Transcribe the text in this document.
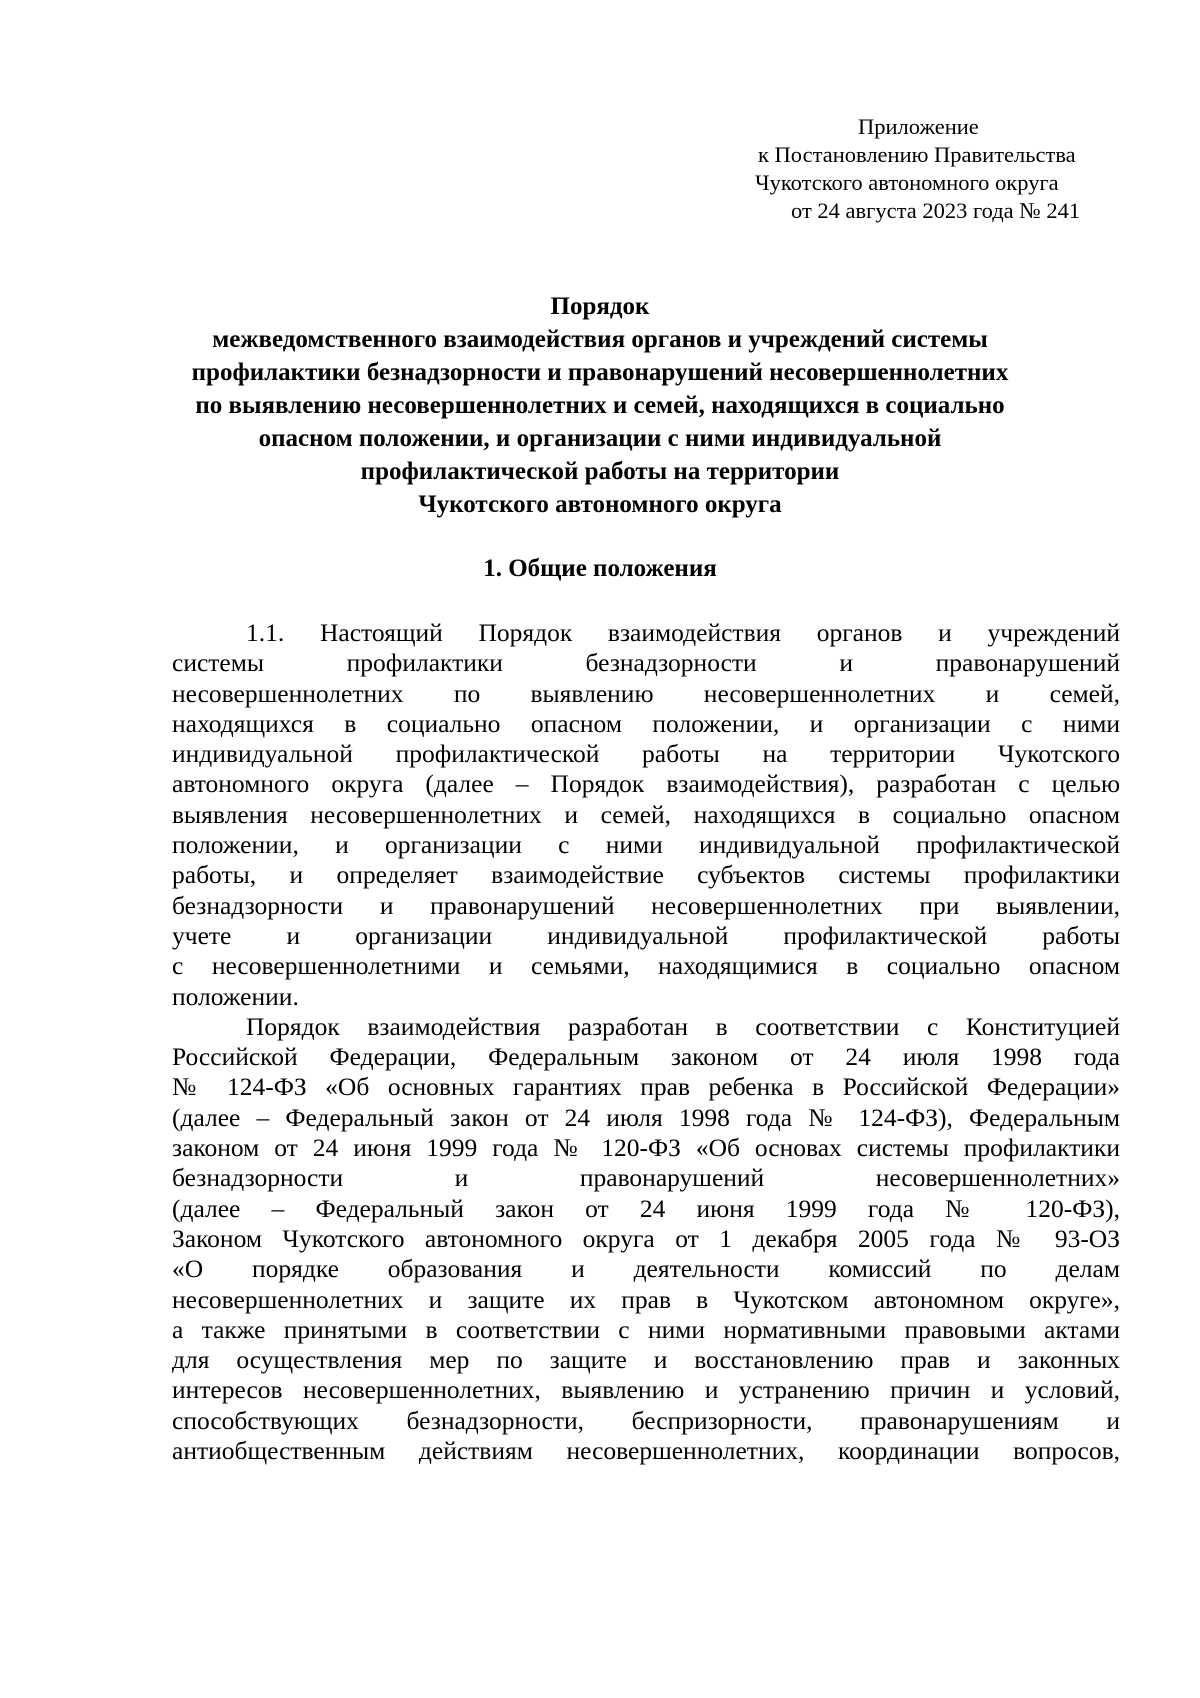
Приложение
к Постановлению Правительства
Чукотского автономного округа
от 24 августа 2023 года № 241
Порядок
межведомственного взаимодействия органов и учреждений системы
профилактики безнадзорности и правонарушений несовершеннолетних
по выявлению несовершеннолетних и семей, находящихся в социально
опасном положении, и организации с ними индивидуальной
профилактической работы на территории
Чукотского автономного округа
1. Общие положения
1.1. Настоящий Порядок взаимодействия органов и учреждений
системы профилактики безнадзорности и правонарушений
несовершеннолетних по выявлению несовершеннолетних и семей,
находящихся в социально опасном положении, и организации с ними
индивидуальной профилактической работы на территории Чукотского
автономного округа (далее – Порядок взаимодействия), разработан с целью
выявления несовершеннолетних и семей, находящихся в социально опасном
положении, и организации с ними индивидуальной профилактической
работы, и определяет взаимодействие субъектов системы профилактики
безнадзорности и правонарушений несовершеннолетних при выявлении,
учете и организации индивидуальной профилактической работы
с несовершеннолетними и семьями, находящимися в социально опасном
положении.
Порядок взаимодействия разработан в соответствии с Конституцией
Российской Федерации, Федеральным законом от 24 июля 1998 года
№ 124-ФЗ «Об основных гарантиях прав ребенка в Российской Федерации»
(далее – Федеральный закон от 24 июля 1998 года № 124-ФЗ), Федеральным
законом от 24 июня 1999 года № 120-ФЗ «Об основах системы профилактики
безнадзорности и правонарушений несовершеннолетних»
(далее – Федеральный закон от 24 июня 1999 года № 120-ФЗ),
Законом Чукотского автономного округа от 1 декабря 2005 года № 93-ОЗ
«О порядке образования и деятельности комиссий по делам
несовершеннолетних и защите их прав в Чукотском автономном округе»,
а также принятыми в соответствии с ними нормативными правовыми актами
для осуществления мер по защите и восстановлению прав и законных
интересов несовершеннолетних, выявлению и устранению причин и условий,
способствующих безнадзорности, беспризорности, правонарушениям и
антиобщественным действиям несовершеннолетних, координации вопросов,
